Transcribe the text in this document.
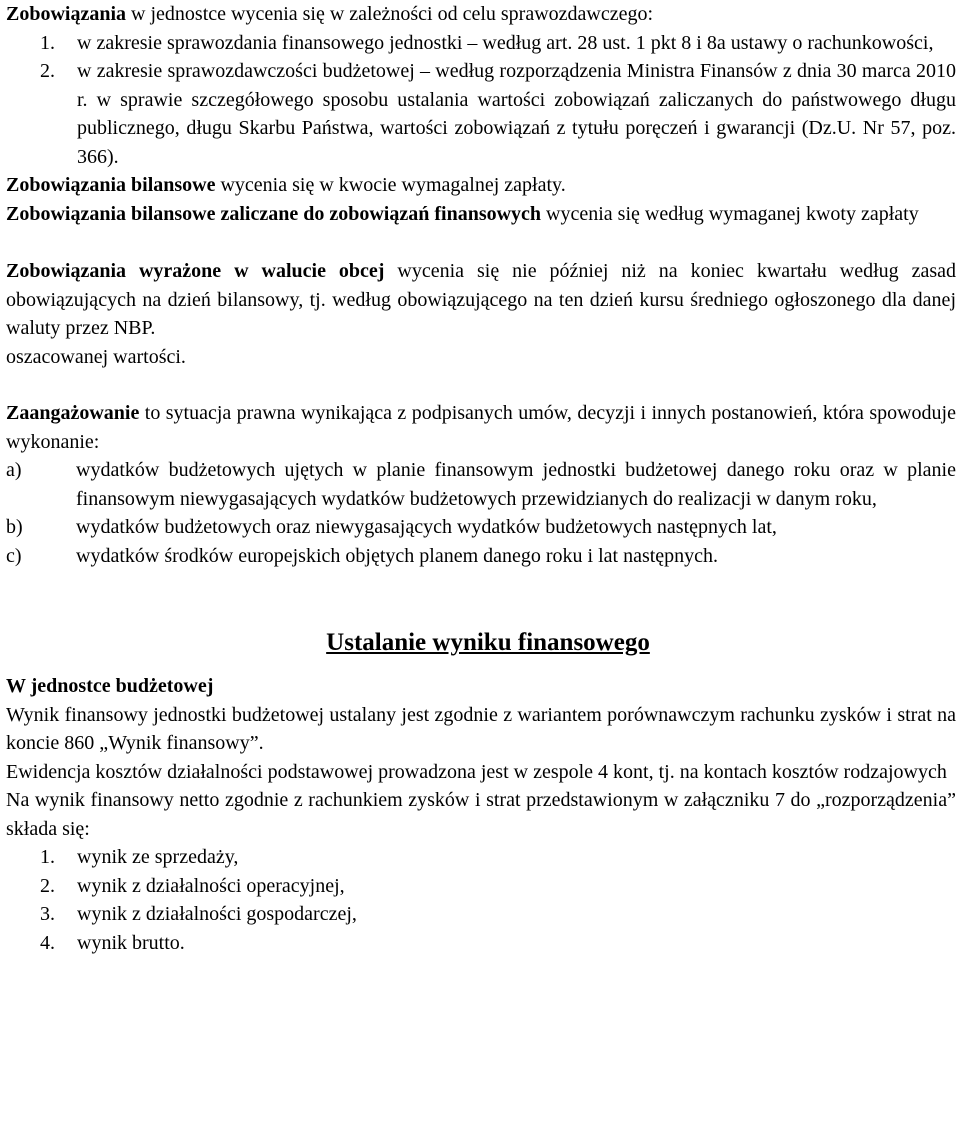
Zobowiązania w jednostce wycenia się w zależności od celu sprawozdawczego:

1. w zakresie sprawozdania finansowego jednostki – według art. 28 ust. 1 pkt 8 i 8a ustawy o rachunkowości,
2. w zakresie sprawozdawczości budżetowej – według rozporządzenia Ministra Finansów z dnia 30 marca 2010 r. w sprawie szczegółowego sposobu ustalania wartości zobowiązań zaliczanych do państwowego długu publicznego, długu Skarbu Państwa, wartości zobowiązań z tytułu poręczeń i gwarancji (Dz.U. Nr 57, poz. 366).

Zobowiązania bilansowe wycenia się w kwocie wymagalnej zapłaty.

Zobowiązania bilansowe zaliczane do zobowiązań finansowych wycenia się według wymaganej kwoty zapłaty

Zobowiązania wyrażone w walucie obcej wycenia się nie później niż na koniec kwartału według zasad obowiązujących na dzień bilansowy, tj. według obowiązującego na ten dzień kursu średniego ogłoszonego dla danej waluty przez NBP.

oszacowanej wartości.

Zaangażowanie to sytuacja prawna wynikająca z podpisanych umów, decyzji i innych postanowień, która spowoduje wykonanie:

a)	wydatków budżetowych ujętych w planie finansowym jednostki budżetowej danego roku oraz w planie finansowym niewygasających wydatków budżetowych przewidzianych do realizacji w danym roku,
b)	wydatków budżetowych oraz niewygasających wydatków budżetowych następnych lat,
c)	wydatków środków europejskich objętych planem danego roku i lat następnych.
Ustalanie wyniku finansowego

W jednostce budżetowej

Wynik finansowy jednostki budżetowej ustalany jest zgodnie z wariantem porównawczym rachunku zysków i strat na koncie 860 „Wynik finansowy”.

Ewidencja kosztów działalności podstawowej prowadzona jest w zespole 4 kont, tj. na kontach kosztów rodzajowych

Na wynik finansowy netto zgodnie z rachunkiem zysków i strat przedstawionym w załączniku 7 do „rozporządzenia” składa się:

1. wynik ze sprzedaży,
2. wynik z działalności operacyjnej,
3. wynik z działalności gospodarczej,
4. wynik brutto.
